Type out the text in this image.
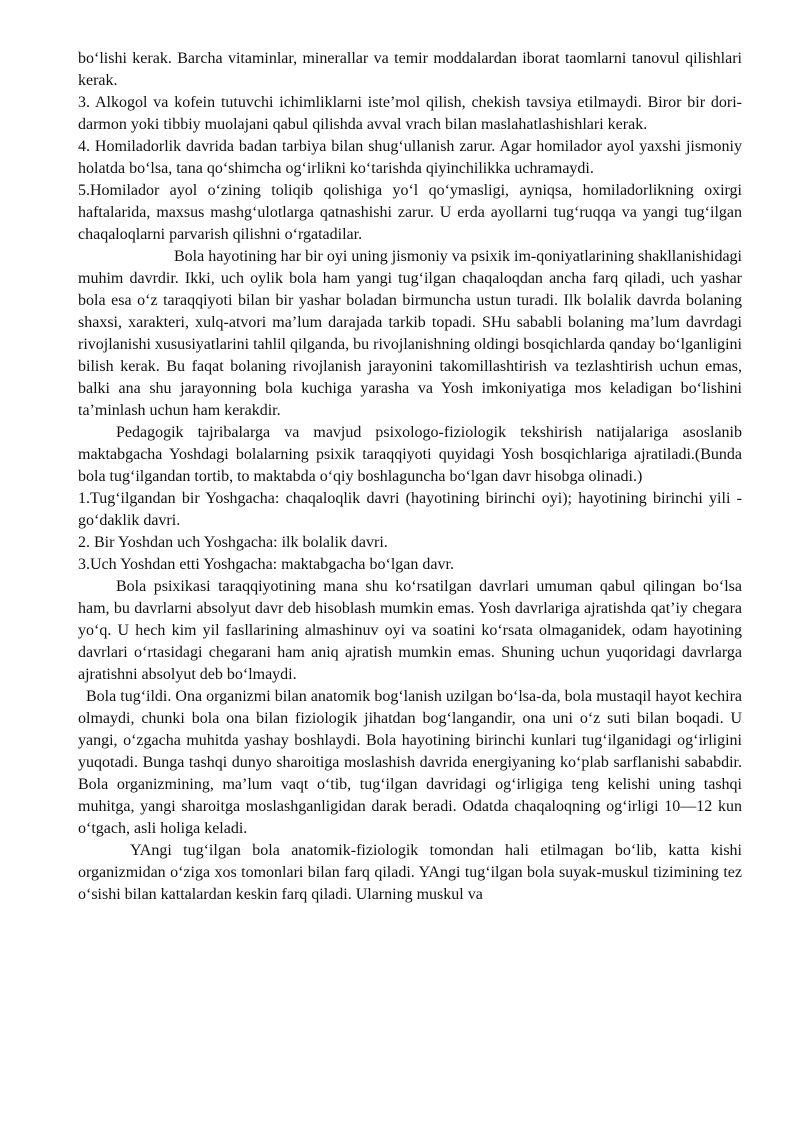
bo‘lishi kerak. Barcha vitaminlar, minerallar va temir moddalardan iborat taomlarni tanovul qilishlari kerak.

3. Alkogol va kofein tutuvchi ichimliklarni iste’mol qilish, chekish tavsiya etilmaydi. Biror bir dori-darmon yoki tibbiy muolajani qabul qilishda avval vrach bilan maslahatlashishlari kerak.

4. Homiladorlik davrida badan tarbiya bilan shug‘ullanish zarur. Agar homilador ayol yaxshi jismoniy holatda bo‘lsa, tana qo‘shimcha og‘irlikni ko‘tarishda qiyinchilikka uchramaydi.

5.Homilador ayol o‘zining toliqib qolishiga yo‘l qo‘ymasligi, ayniqsa, homiladorlikning oxirgi haftalarida, maxsus mashg‘ulotlarga qatnashishi zarur. U erda ayollarni tug‘ruqqa va yangi tug‘ilgan chaqaloqlarni parvarish qilishni o‘rgatadilar.

Bola hayotining har bir oyi uning jismoniy va psixik im-qoniyatlarining shakllanishidagi muhim davrdir. Ikki, uch oylik bola ham yangi tug‘ilgan chaqaloqdan ancha farq qiladi, uch yashar bola esa o‘z taraqqiyoti bilan bir yashar boladan birmuncha ustun turadi. Ilk bolalik davrda bolaning shaxsi, xarakteri, xulq-atvori ma’lum darajada tarkib topadi. SHu sababli bolaning ma’lum davrdagi rivojlanishi xususiyatlarini tahlil qilganda, bu rivojlanishning oldingi bosqichlarda qanday bo‘lganligini bilish kerak. Bu faqat bolaning rivojlanish jarayonini takomillashtirish va tezlashtirish uchun emas, balki ana shu jarayonning bola kuchiga yarasha va Yosh imkoniyatiga mos keladigan bo‘lishini ta’minlash uchun ham kerakdir.

Pedagogik tajribalarga va mavjud psixologo-fiziologik tekshirish natijalariga asoslanib maktabgacha Yoshdagi bolalarning psixik taraqqiyoti quyidagi Yosh bosqichlariga ajratiladi.(Bunda bola tug‘ilgandan tortib, to maktabda o‘qiy boshlaguncha bo‘lgan davr hisobga olinadi.)

1.Tug‘ilgandan bir Yoshgacha: chaqaloqlik davri (hayotining birinchi oyi); hayotining birinchi yili - go‘daklik davri.

2. Bir Yoshdan uch Yoshgacha: ilk bolalik davri.

3.Uch Yoshdan etti Yoshgacha: maktabgacha bo‘lgan davr.

Bola psixikasi taraqqiyotining mana shu ko‘rsatilgan davrlari umuman qabul qilingan bo‘lsa ham, bu davrlarni absolyut davr deb hisoblash mumkin emas. Yosh davrlariga ajratishda qat’iy chegara yo‘q. U hech kim yil fasllarining almashinuv oyi va soatini ko‘rsata olmaganidek, odam hayotining davrlari o‘rtasidagi chegarani ham aniq ajratish mumkin emas. Shuning uchun yuqoridagi davrlarga ajratishni absolyut deb bo‘lmaydi.

Bola tug‘ildi. Ona organizmi bilan anatomik bog‘lanish uzilgan bo‘lsa-da, bola mustaqil hayot kechira olmaydi, chunki bola ona bilan fiziologik jihatdan bog‘langandir, ona uni o‘z suti bilan boqadi. U yangi, o‘zgacha muhitda yashay boshlaydi. Bola hayotining birinchi kunlari tug‘ilganidagi og‘irligini yuqotadi. Bunga tashqi dunyo sharoitiga moslashish davrida energiyaning ko‘plab sarflanishi sababdir. Bola organizmining, ma’lum vaqt o‘tib, tug‘ilgan davridagi og‘irligiga teng kelishi uning tashqi muhitga, yangi sharoitga moslashganligidan darak beradi. Odatda chaqaloqning og‘irligi 10—12 kun o‘tgach, asli holiga keladi.

YAngi tug‘ilgan bola anatomik-fiziologik tomondan hali etilmagan bo‘lib, katta kishi organizmidan o‘ziga xos tomonlari bilan farq qiladi. YAngi tug‘ilgan bola suyak-muskul tizimining tez o‘sishi bilan kattalardan keskin farq qiladi. Ularning muskul va
